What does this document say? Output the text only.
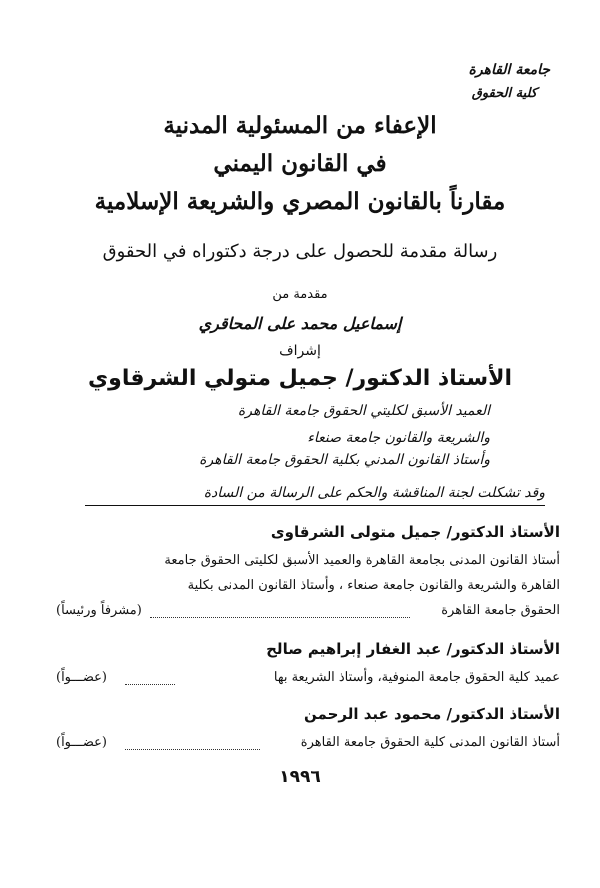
جامعة القاهرة
كلية الحقوق
الإعفاء من المسئولية المدنية
في القانون اليمني
مقارناً بالقانون المصري والشريعة الإسلامية
رسالة مقدمة للحصول على درجة دكتوراه في الحقوق
مقدمة من
إسماعيل محمد على المحاقري
إشراف
الأستاذ الدكتور/ جميل متولي الشرقاوي
العميد الأسبق لكليتي الحقوق جامعة القاهرة
والشريعة والقانون جامعة صنعاء
وأستاذ القانون المدني بكلية الحقوق جامعة القاهرة
وقد تشكلت لجنة المناقشة والحكم على الرسالة من السادة
الأستاذ الدكتور/ جميل متولى الشرقاوى
أستاذ القانون المدنى بجامعة القاهرة والعميد الأسبق لكليتى الحقوق جامعة
القاهرة والشريعة والقانون جامعة صنعاء ، وأستاذ القانون المدنى بكلية
الحقوق جامعة القاهرة
(مشرفاً ورئيساً)
الأستاذ الدكتور/ عبد الغفار إبراهيم صالح
عميد كلية الحقوق جامعة المنوفية، وأستاذ الشريعة بها
(عضـــواً)
الأستاذ الدكتور/ محمود عبد الرحمن
أستاذ القانون المدنى كلية الحقوق جامعة القاهرة
(عضـــواً)
١٩٩٦
